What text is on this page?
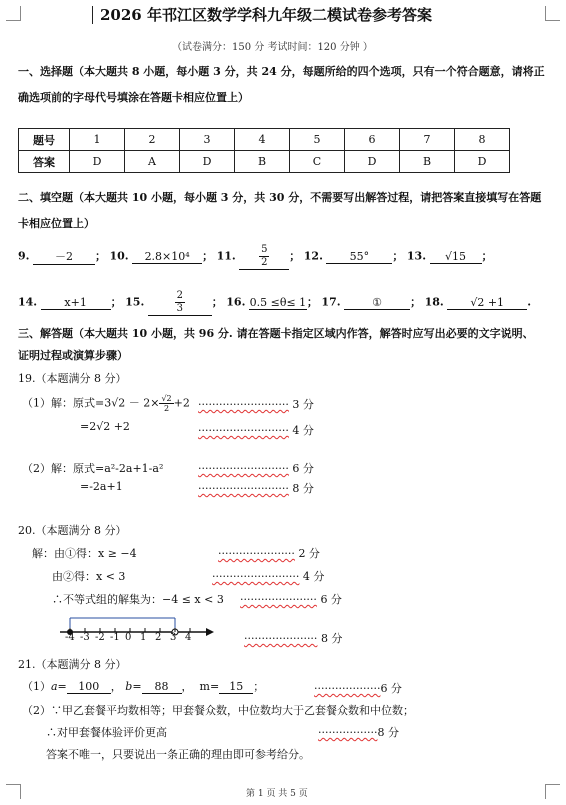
2026 年邗江区数学学科九年级二模试卷参考答案
（试卷满分：150 分 考试时间：120 分钟 ）
一、选择题（本大题共 8 小题，每小题 3 分，共 24 分，每题所给的四个选项，只有一个符合题意，请将正
确选项前的字母代号填涂在答题卡相应位置上）
题号	1	2	3	4	5	6	7	8
答案	D	A	D	B	C	D	B	D
二、填空题（本大题共 10 小题，每小题 3 分，共 30 分，不需要写出解答过程，请把答案直接填写在答题
卡相应位置上）
9. －2 ； 10. 2.8×10⁴ ； 11. $\frac{5}{2}$ ； 12. 55° ； 13. √15 ；
14. x+1 ； 15.	$\frac{2}{3}$ ； 16. 0.5 ≤θ≤ 1； 17.	①	； 18. √2 +1 .
三、解答题（本大题共 10 小题，共 96 分. 请在答题卡指定区域内作答，解答时应写出必要的文字说明、
证明过程或演算步骤）
19.（本题满分 8 分）
（1）解：原式$=3√2 - 2\times \frac{√2}{2} +2$ ·························· 3 分
=2√2 +2	·························· 4 分
（2）解：原式=a²-2a+1-a²	·························· 6 分
=-2a+1	·························· 8 分
20.（本题满分 8 分）
解：由①得：x ≥ −4	······················ 2 分
由②得：x < 3	························· 4 分
∴不等式组的解集为：−4 ≤ x < 3 ······················ 6 分
-4 -3 -2 -1 0 1 2 3 4	····················· 8 分
21.（本题满分 8 分）
（1）a= 100 ， b= 88 ，  m= 15 ；	···················6 分
（2）∵甲乙套餐平均数相等；甲套餐众数，中位数均大于乙套餐众数和中位数；
∴对甲套餐体验评价更高	·················8 分
答案不唯一，只要说出一条正确的理由即可参考给分。
第 1 页 共 5 页
